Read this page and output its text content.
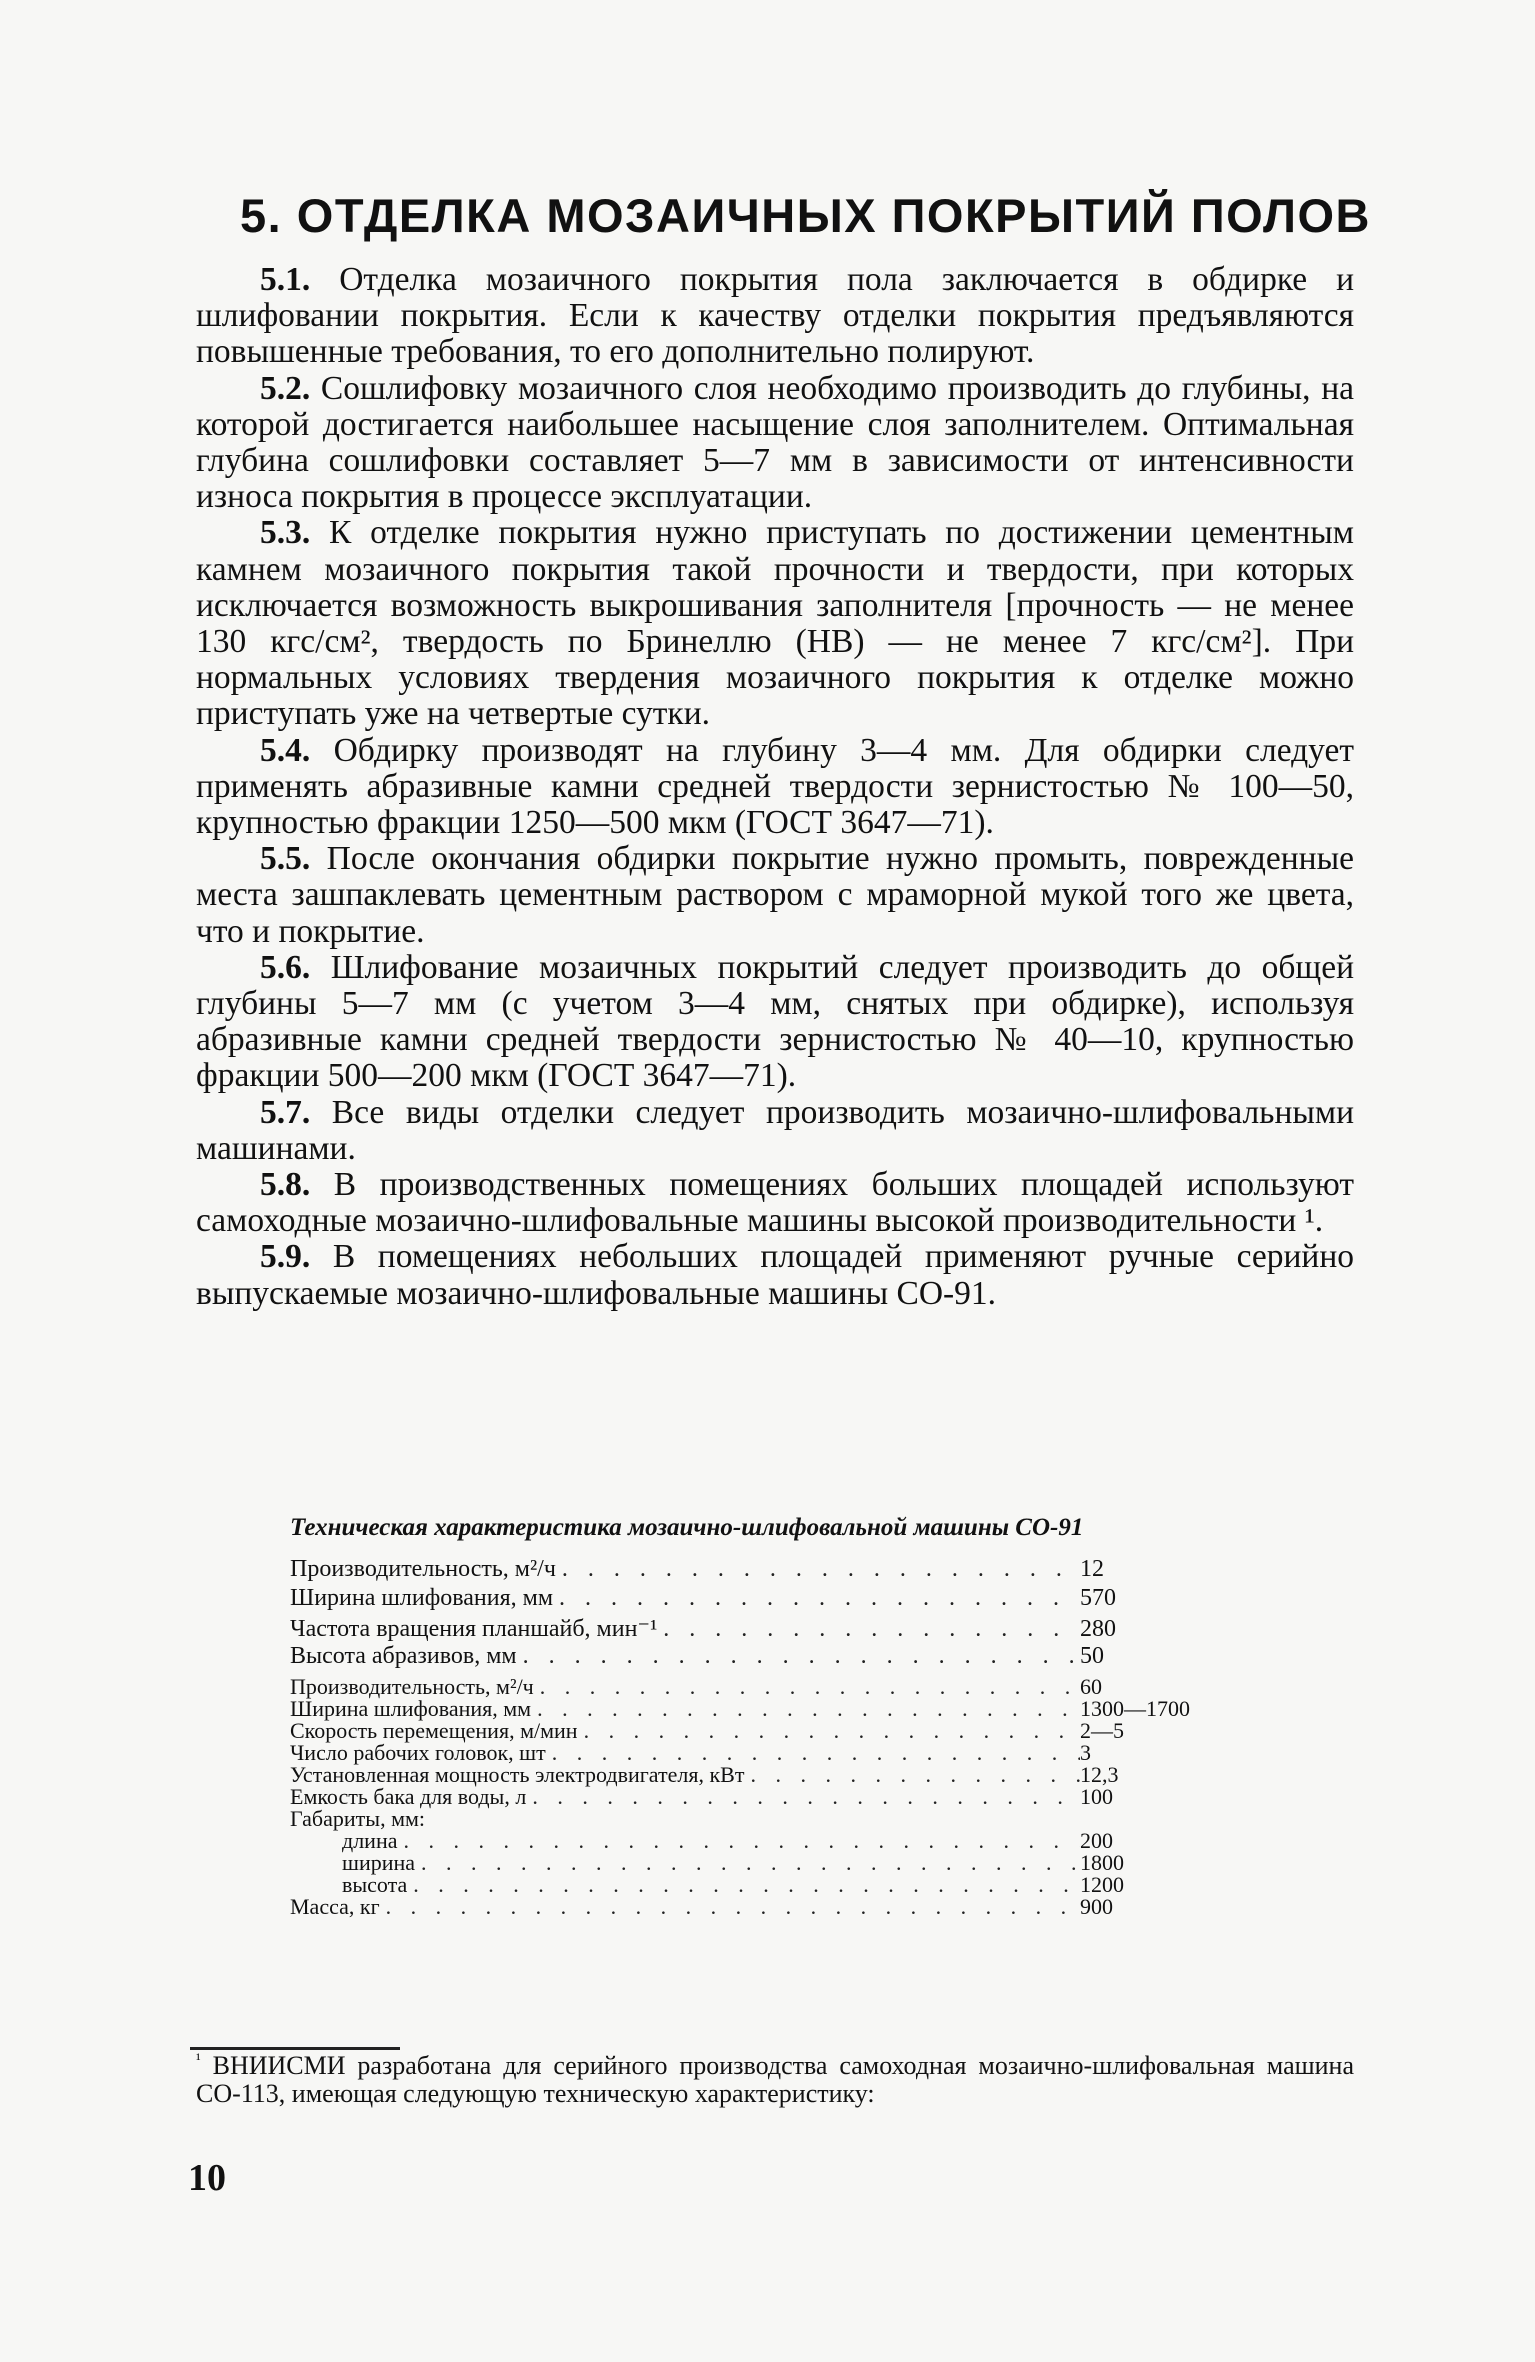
5. ОТДЕЛКА МОЗАИЧНЫХ ПОКРЫТИЙ ПОЛОВ

5.1. Отделка мозаичного покрытия пола заключается в обдирке и шлифовании покрытия. Если к качеству отделки покрытия предъявляются повышенные требования, то его дополнительно полируют.

5.2. Сошлифовку мозаичного слоя необходимо производить до глубины, на которой достигается наибольшее насыщение слоя заполнителем. Оптимальная глубина сошлифовки составляет 5—7 мм в зависимости от интенсивности износа покрытия в процессе эксплуатации.

5.3. К отделке покрытия нужно приступать по достижении цементным камнем мозаичного покрытия такой прочности и твердости, при которых исключается возможность выкрошивания заполнителя [прочность — не менее 130 кгс/см², твердость по Бринеллю (НВ) — не менее 7 кгс/см²]. При нормальных условиях твердения мозаичного покрытия к отделке можно приступать уже на четвертые сутки.

5.4. Обдирку производят на глубину 3—4 мм. Для обдирки следует применять абразивные камни средней твердости зернистостью № 100—50, крупностью фракции 1250—500 мкм (ГОСТ 3647—71).

5.5. После окончания обдирки покрытие нужно промыть, поврежденные места зашпаклевать цементным раствором с мраморной мукой того же цвета, что и покрытие.

5.6. Шлифование мозаичных покрытий следует производить до общей глубины 5—7 мм (с учетом 3—4 мм, снятых при обдирке), используя абразивные камни средней твердости зернистостью № 40—10, крупностью фракции 500—200 мкм (ГОСТ 3647—71).

5.7. Все виды отделки следует производить мозаично-шлифовальными машинами.

5.8. В производственных помещениях больших площадей используют самоходные мозаично-шлифовальные машины высокой производительности ¹.

5.9. В помещениях небольших площадей применяют ручные серийно выпускаемые мозаично-шлифовальные машины СО-91.

Техническая характеристика мозаично-шлифовальной машины СО-91
Производительность, м²/ч . . .	12
Ширина шлифования, мм . . .	570
Частота вращения планшайб, мин⁻¹ . . .	280
Высота абразивов, мм . . .	50
Производительность, м²/ч . . .	60
Ширина шлифования, мм . . .	1300—1700
Скорость перемещения, м/мин . . .	2—5
Число рабочих головок, шт . . .	3
Установленная мощность электродвигателя, кВт . . .	12,3
Емкость бака для воды, л . . .	100
Габариты, мм:
длина . . .	200
ширина . . .	1800
высота . . .	1200
Масса, кг . . .	900
$^{^1}$ ВНИИСМИ разработана для серийного производства самоходная мозаично-шлифовальная машина СО-113, имеющая следующую техническую характеристику:
10
